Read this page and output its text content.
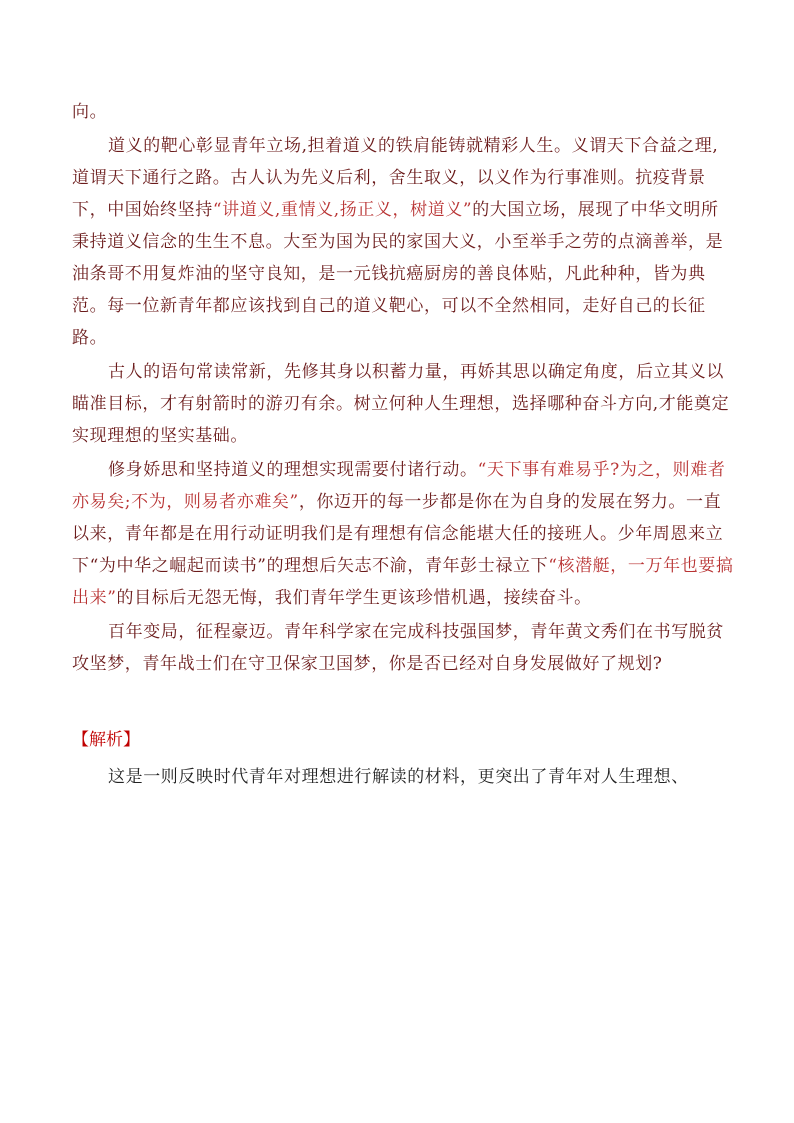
向。

道义的靶心彰显青年立场,担着道义的铁肩能铸就精彩人生。义谓天下合益之理,道谓天下通行之路。古人认为先义后利，舍生取义，以义作为行事准则。抗疫背景下，中国始终坚持“讲道义,重情义,扬正义，树道义”的大国立场，展现了中华文明所秉持道义信念的生生不息。大至为国为民的家国大义，小至举手之劳的点滴善举，是油条哥不用复炸油的坚守良知，是一元钱抗癌厨房的善良体贴，凡此种种，皆为典范。每一位新青年都应该找到自己的道义靶心，可以不全然相同，走好自己的长征路。

古人的语句常读常新，先修其身以积蓄力量，再娇其思以确定角度，后立其义以瞄准目标，才有射箭时的游刃有余。树立何种人生理想，选择哪种奋斗方向,才能奠定实现理想的坚实基础。

修身娇思和坚持道义的理想实现需要付诸行动。“天下事有难易乎?为之，则难者亦易矣;不为，则易者亦难矣”，你迈开的每一步都是你在为自身的发展在努力。一直以来，青年都是在用行动证明我们是有理想有信念能堪大任的接班人。少年周恩来立下“为中华之崛起而读书”的理想后矢志不渝，青年彭士禄立下“核潜艇，一万年也要搞出来”的目标后无怨无悔，我们青年学生更该珍惜机遇，接续奋斗。

百年变局，征程豪迈。青年科学家在完成科技强国梦，青年黄文秀们在书写脱贫攻坚梦，青年战士们在守卫保家卫国梦，你是否已经对自身发展做好了规划?

【解析】

这是一则反映时代青年对理想进行解读的材料，更突出了青年对人生理想、
